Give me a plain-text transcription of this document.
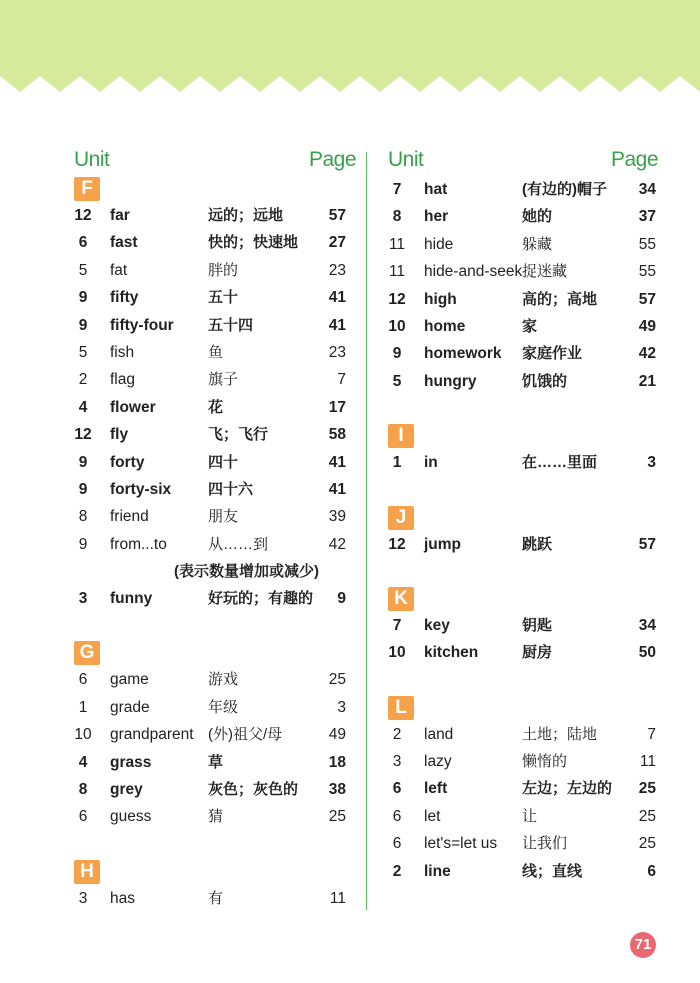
Unit	Page
F
12 far	远的；远地	57
6	fast	快的；快速地 27
5	fat	胖的	23
9	fifty	五十	41
9	fifty-four 五十四	41
5	fish	鱼	23
2	flag	旗子	7
4	flower	花	17
12 fly	飞；飞行	58
9	forty	四十	41
9	forty-six 四十六	41
8	friend	朋友	39
9	from...to	从……到	42
(表示数量增加或减少)
3	funny	好玩的；有趣的 9
G
6	game	游戏	25
1	grade	年级	3
10 grandparent (外)祖父/母	49
4	grass	草	18
8	grey	灰色；灰色的 38
6	guess	猜	25
H
3	has	有	11
Unit	Page
7	hat	(有边的)帽子 34
8	her	她的	37
11 hide	躲藏	55
11 hide-and-seek 捉迷藏	55
12 high	高的；高地	57
10 home	家	49
9	homework 家庭作业	42
5	hungry	饥饿的	21
I
1	in	在……里面	3
J
12 jump	跳跃	57
K
7	key	钥匙	34
10 kitchen	厨房	50
L
2	land	土地；陆地	7
3	lazy	懒惰的	11
6	left	左边；左边的 25
6	let	让	25
6	let's=let us 让我们	25
2	line	线；直线	6
71
